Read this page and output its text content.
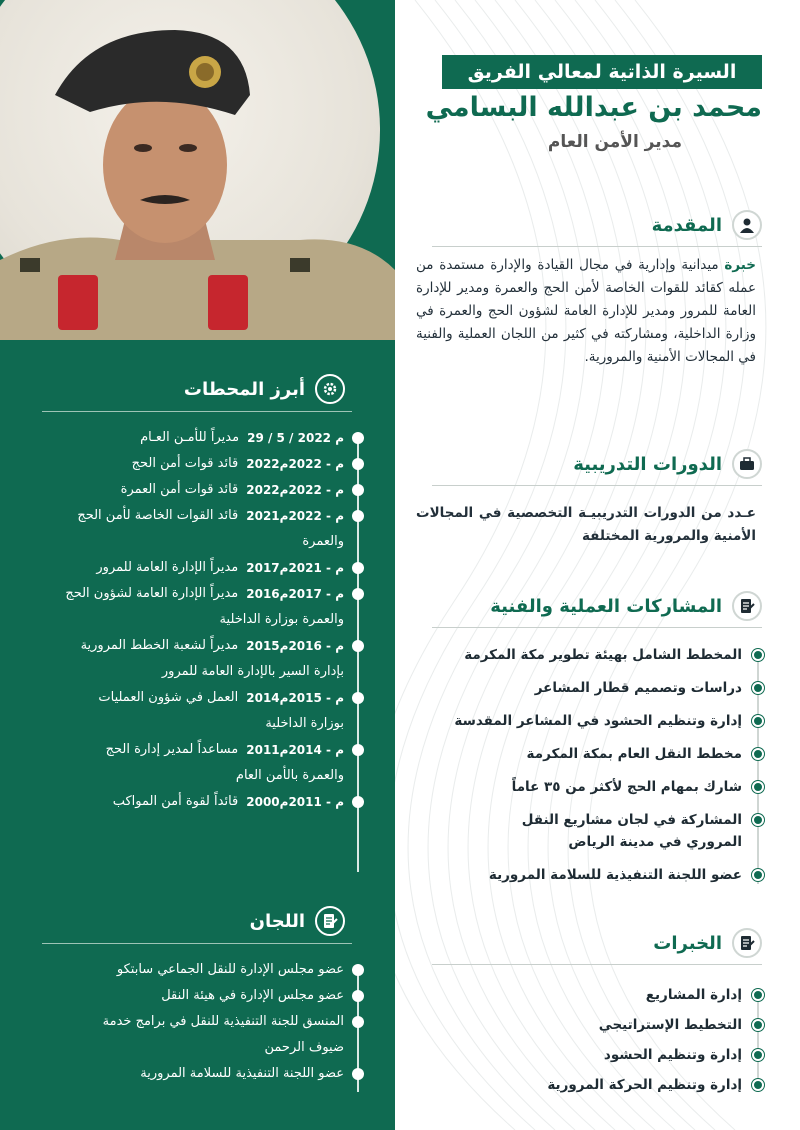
السيرة الذاتية لمعالي الفريق
محمد بن عبدالله البسامي
مدير الأمن العام
المقدمة
خبرة ميدانية وإدارية في مجال القيادة والإدارة مستمدة من عمله كقائد للقوات الخاصة لأمن الحج والعمرة ومدير للإدارة العامة للمرور ومدير للإدارة العامة لشؤون الحج والعمرة في وزارة الداخلية، ومشاركته في كثير من اللجان العملية والفنية في المجالات الأمنية والمرورية.
الدورات التدريبية
عـدد من الدورات التدريبيـة التخصصية في المجالات الأمنية والمرورية المختلفة
المشاركات العملية والفنية
المخطط الشامل بهيئة تطوير مكة المكرمة
دراسات وتصميم قطار المشاعر
إدارة وتنظيم الحشود في المشاعر المقدسة
مخطط النقل العام بمكة المكرمة
شارك بمهام الحج لأكثر من ٣٥ عاماً
المشاركة في لجان مشاريع النقل المروري في مدينة الرياض
عضو اللجنة التنفيذية للسلامة المرورية
الخبرات
إدارة المشاريع
التخطيط الإستراتيجي
إدارة وتنظيم الحشود
إدارة وتنظيم الحركة المرورية
أبرز المحطات
29 / 5 / 2022 م
مديراً للأمـن العـام
2022م - 2022م
قائد قوات أمن الحج
2022م - 2022م
قائد قوات أمن العمرة
2021م - 2022م
قائد القوات الخاصة لأمن الحج والعمرة
2017م - 2021م
مديراً الإدارة العامة للمرور
2016م - 2017م
مديراً الإدارة العامة لشؤون الحج والعمرة بوزارة الداخلية
2015م - 2016م
مديراً لشعبة الخطط المرورية بإدارة السير بالإدارة العامة للمرور
2014م - 2015م
العمل في شؤون العمليات بوزارة الداخلية
2011م - 2014م
مساعداً لمدير إدارة الحج والعمرة بالأمن العام
2000م - 2011م
قائداً لقوة أمن المواكب
اللجان
عضو مجلس الإدارة للنقل الجماعي سابتكو
عضو مجلس الإدارة في هيئة النقل
المنسق للجنة التنفيذية للنقل في برامج خدمة ضيوف الرحمن
عضو اللجنة التنفيذية للسلامة المرورية
